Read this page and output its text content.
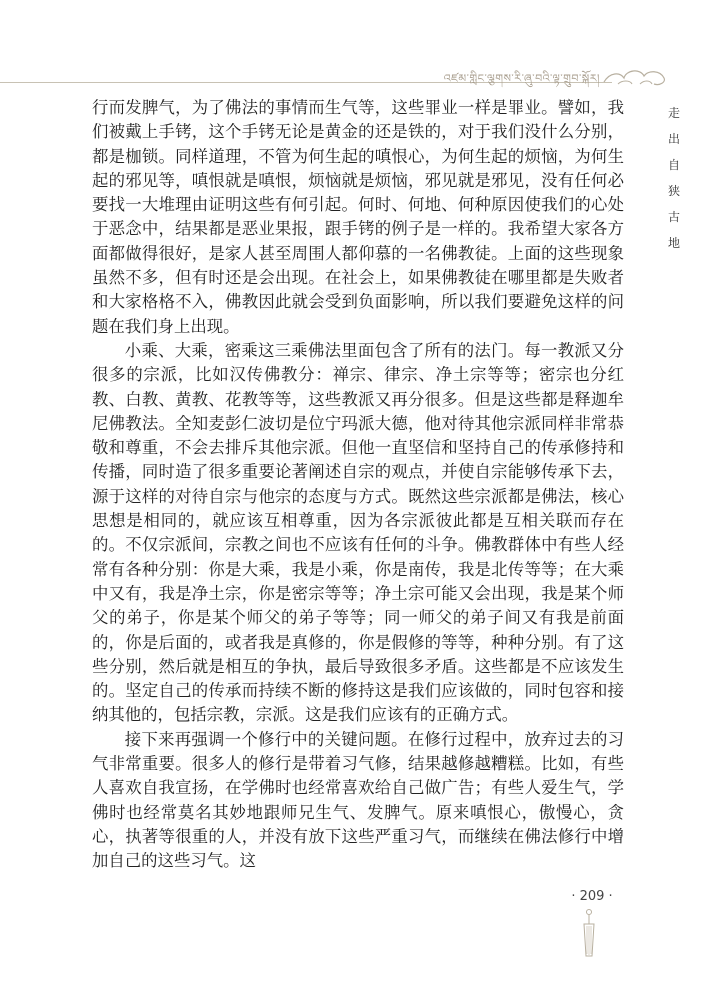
འཛམ་གླིང་ལྕགས་རི་ཞུ་བའི་ལྟ་གྲུབ་སྐོར།
走出自狭古地

行而发脾气，为了佛法的事情而生气等，这些罪业一样是罪业。譬如，我们被戴上手铐，这个手铐无论是黄金的还是铁的，对于我们没什么分别，都是枷锁。同样道理，不管为何生起的嗔恨心，为何生起的烦恼，为何生起的邪见等，嗔恨就是嗔恨，烦恼就是烦恼，邪见就是邪见，没有任何必要找一大堆理由证明这些有何引起。何时、何地、何种原因使我们的心处于恶念中，结果都是恶业果报，跟手铐的例子是一样的。我希望大家各方面都做得很好，是家人甚至周围人都仰慕的一名佛教徒。上面的这些现象虽然不多，但有时还是会出现。在社会上，如果佛教徒在哪里都是失败者和大家格格不入，佛教因此就会受到负面影响，所以我们要避免这样的问题在我们身上出现。

小乘、大乘，密乘这三乘佛法里面包含了所有的法门。每一教派又分很多的宗派，比如汉传佛教分：禅宗、律宗、净土宗等等；密宗也分红教、白教、黄教、花教等等，这些教派又再分很多。但是这些都是释迦牟尼佛教法。全知麦彭仁波切是位宁玛派大德，他对待其他宗派同样非常恭敬和尊重，不会去排斥其他宗派。但他一直坚信和坚持自己的传承修持和传播，同时造了很多重要论著阐述自宗的观点，并使自宗能够传承下去，源于这样的对待自宗与他宗的态度与方式。既然这些宗派都是佛法，核心思想是相同的，就应该互相尊重，因为各宗派彼此都是互相关联而存在的。不仅宗派间，宗教之间也不应该有任何的斗争。佛教群体中有些人经常有各种分别：你是大乘，我是小乘，你是南传，我是北传等等；在大乘中又有，我是净土宗，你是密宗等等；净土宗可能又会出现，我是某个师父的弟子，你是某个师父的弟子等等；同一师父的弟子间又有我是前面的，你是后面的，或者我是真修的，你是假修的等等，种种分别。有了这些分别，然后就是相互的争执，最后导致很多矛盾。这些都是不应该发生的。坚定自己的传承而持续不断的修持这是我们应该做的，同时包容和接纳其他的，包括宗教，宗派。这是我们应该有的正确方式。

接下来再强调一个修行中的关键问题。在修行过程中，放弃过去的习气非常重要。很多人的修行是带着习气修，结果越修越糟糕。比如，有些人喜欢自我宣扬，在学佛时也经常喜欢给自己做广告；有些人爱生气，学佛时也经常莫名其妙地跟师兄生气、发脾气。原来嗔恨心，傲慢心，贪心，执著等很重的人，并没有放下这些严重习气，而继续在佛法修行中增加自己的这些习气。这

· 209 ·
